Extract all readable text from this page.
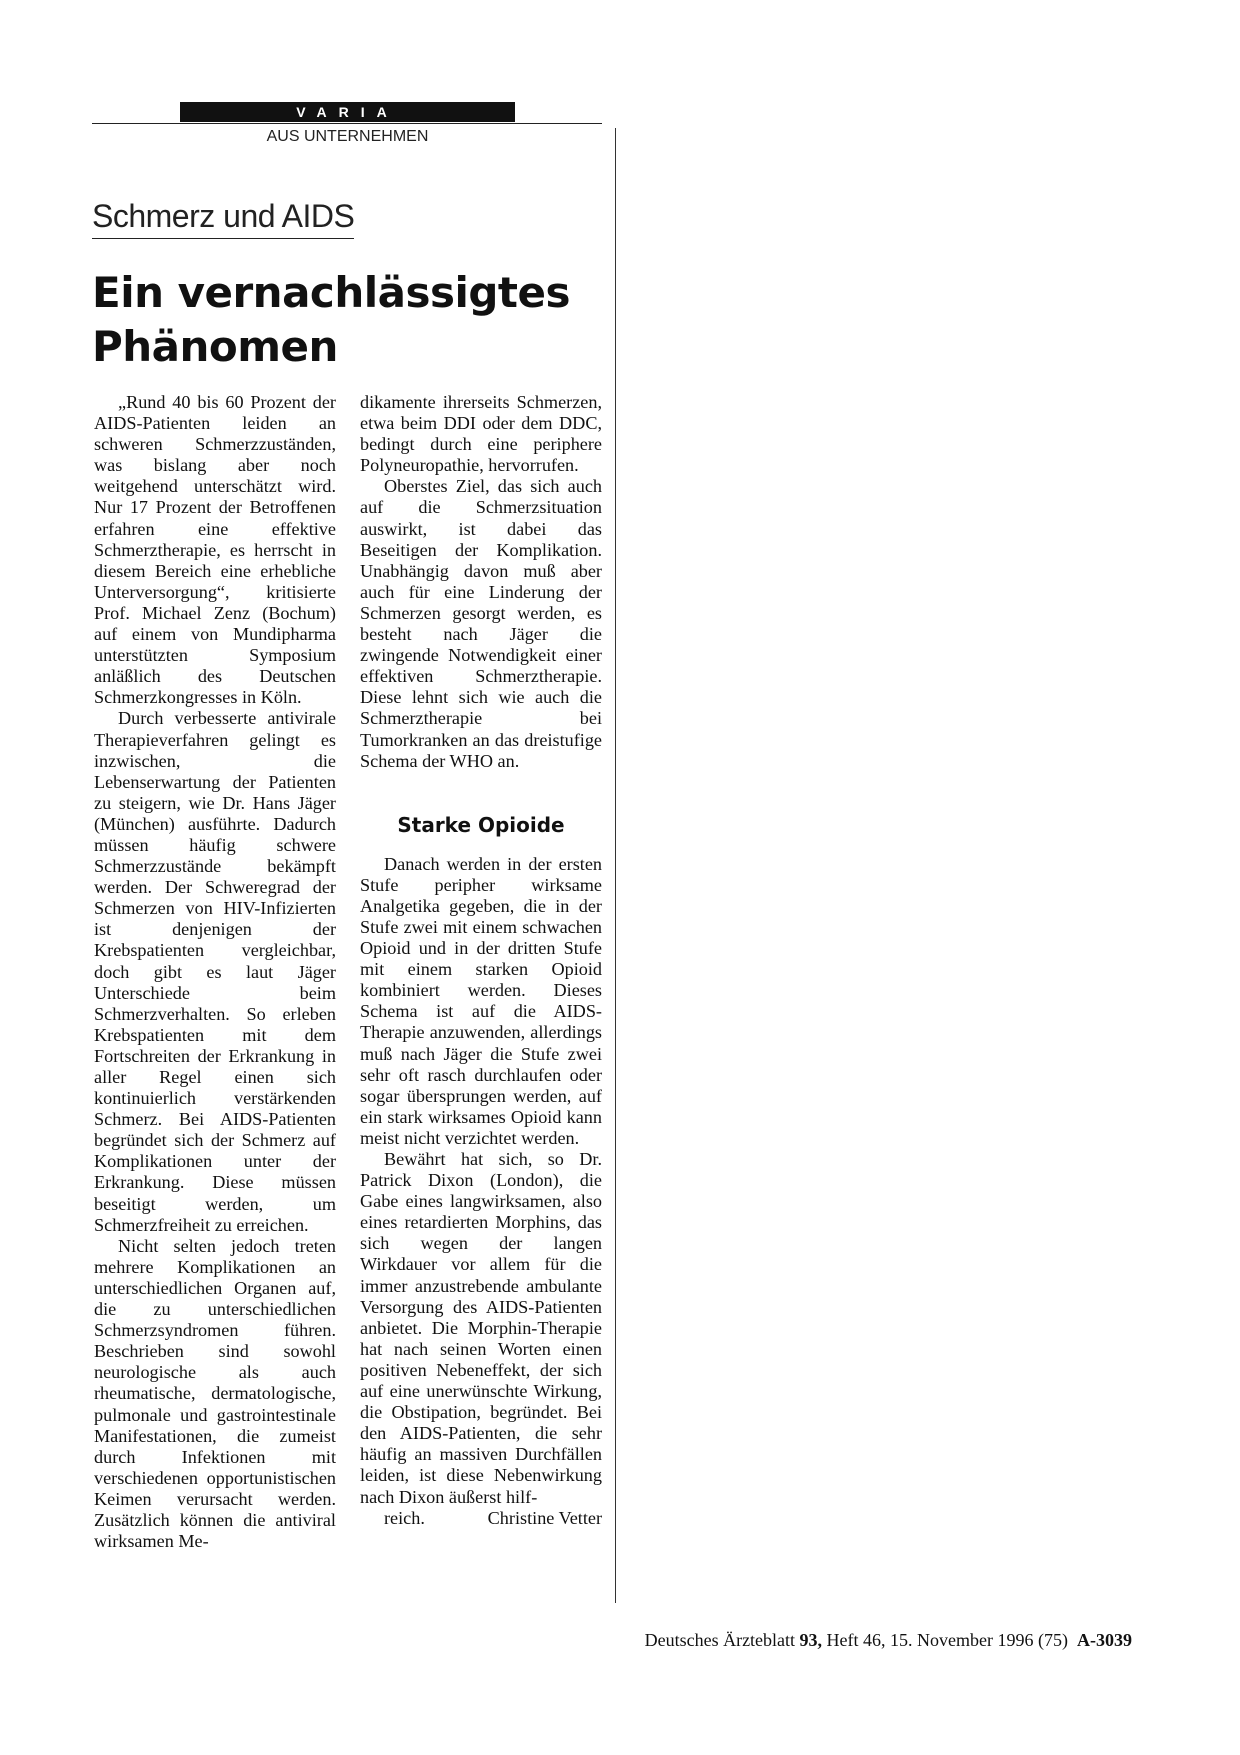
VARIA
AUS UNTERNEHMEN
Schmerz und AIDS
Ein vernachlässigtes
Phänomen

„Rund 40 bis 60 Prozent der AIDS-Patienten leiden an schweren Schmerzzuständen, was bislang aber noch weitgehend unterschätzt wird. Nur 17 Prozent der Betroffenen erfahren eine effektive Schmerztherapie, es herrscht in diesem Bereich eine erhebliche Unterversorgung“, kritisierte Prof. Michael Zenz (Bochum) auf einem von Mundipharma unterstützten Symposium anläßlich des Deutschen Schmerzkongresses in Köln.

Durch verbesserte antivirale Therapieverfahren gelingt es inzwischen, die Lebenserwartung der Patienten zu steigern, wie Dr. Hans Jäger (München) ausführte. Dadurch müssen häufig schwere Schmerzzustände bekämpft werden. Der Schweregrad der Schmerzen von HIV-Infizierten ist denjenigen der Krebspatienten vergleichbar, doch gibt es laut Jäger Unterschiede beim Schmerzverhalten. So erleben Krebspatienten mit dem Fortschreiten der Erkrankung in aller Regel einen sich kontinuierlich verstärkenden Schmerz. Bei AIDS-Patienten begründet sich der Schmerz auf Komplikationen unter der Erkrankung. Diese müssen beseitigt werden, um Schmerzfreiheit zu erreichen.

Nicht selten jedoch treten mehrere Komplikationen an unterschiedlichen Organen auf, die zu unterschiedlichen Schmerzsyndromen führen. Beschrieben sind sowohl neurologische als auch rheumatische, dermatologische, pulmonale und gastrointestinale Manifestationen, die zumeist durch Infektionen mit verschiedenen opportunistischen Keimen verursacht werden. Zusätzlich können die antiviral wirksamen Me-

dikamente ihrerseits Schmerzen, etwa beim DDI oder dem DDC, bedingt durch eine periphere Polyneuropathie, hervorrufen.

Oberstes Ziel, das sich auch auf die Schmerzsituation auswirkt, ist dabei das Beseitigen der Komplikation. Unabhängig davon muß aber auch für eine Linderung der Schmerzen gesorgt werden, es besteht nach Jäger die zwingende Notwendigkeit einer effektiven Schmerztherapie. Diese lehnt sich wie auch die Schmerztherapie bei Tumorkranken an das dreistufige Schema der WHO an.

Starke Opioide

Danach werden in der ersten Stufe peripher wirksame Analgetika gegeben, die in der Stufe zwei mit einem schwachen Opioid und in der dritten Stufe mit einem starken Opioid kombiniert werden. Dieses Schema ist auf die AIDS-Therapie anzuwenden, allerdings muß nach Jäger die Stufe zwei sehr oft rasch durchlaufen oder sogar übersprungen werden, auf ein stark wirksames Opioid kann meist nicht verzichtet werden.

Bewährt hat sich, so Dr. Patrick Dixon (London), die Gabe eines langwirksamen, also eines retardierten Morphins, das sich wegen der langen Wirkdauer vor allem für die immer anzustrebende ambulante Versorgung des AIDS-Patienten anbietet. Die Morphin-Therapie hat nach seinen Worten einen positiven Nebeneffekt, der sich auf eine unerwünschte Wirkung, die Obstipation, begründet. Bei den AIDS-Patienten, die sehr häufig an massiven Durchfällen leiden, ist diese Nebenwirkung nach Dixon äußerst hilf-

reich.	Christine Vetter

Deutsches Ärzteblatt 93, Heft 46, 15. November 1996 (75) A-3039
